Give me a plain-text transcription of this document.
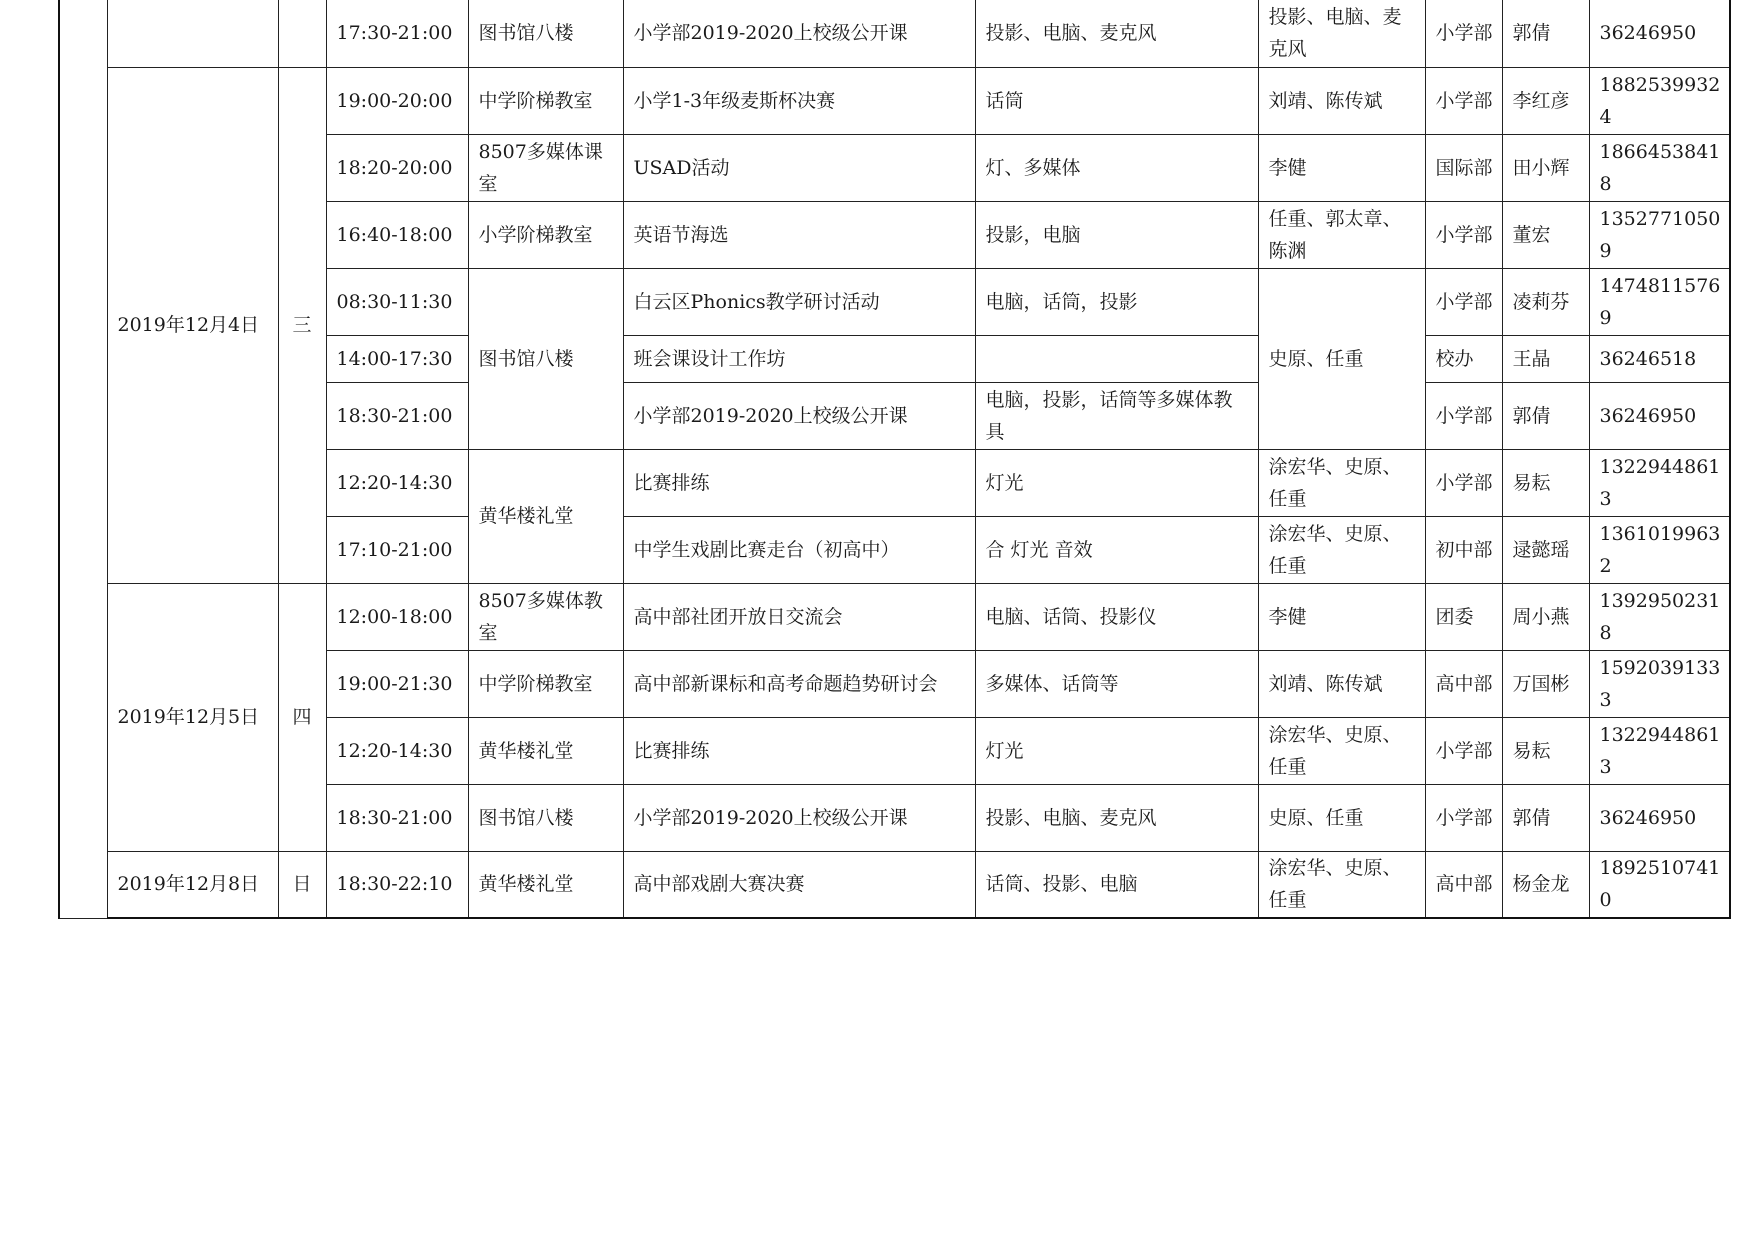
			17:30-21:00	图书馆八楼	小学部2019-2020上校级公开课	投影、电脑、麦克风	投影、电脑、麦克风	小学部	郭倩	36246950
	2019年12月4日	三	19:00-20:00	中学阶梯教室	小学1-3年级麦斯杯决赛	话筒	刘靖、陈传斌	小学部	李红彦	18825399324
			18:20-20:00	8507多媒体课室	USAD活动	灯、多媒体	李健	国际部	田小辉	18664538418
			16:40-18:00	小学阶梯教室	英语节海选	投影，电脑	任重、郭太章、陈渊	小学部	董宏	13527710509
			08:30-11:30	图书馆八楼	白云区Phonics教学研讨活动	电脑，话筒，投影	史原、任重	小学部	凌莉芬	14748115769
			14:00-17:30		班会课设计工作坊			校办	王晶	36246518
			18:30-21:00		小学部2019-2020上校级公开课	电脑，投影，话筒等多媒体教具		小学部	郭倩	36246950
			12:20-14:30	黄华楼礼堂	比赛排练	灯光	涂宏华、史原、任重	小学部	易耘	13229448613
			17:10-21:00		中学生戏剧比赛走台（初高中）	合 灯光 音效	涂宏华、史原、任重	初中部	逯懿瑶	13610199632
	2019年12月5日	四	12:00-18:00	8507多媒体教室	高中部社团开放日交流会	电脑、话筒、投影仪	李健	团委	周小燕	13929502318
			19:00-21:30	中学阶梯教室	高中部新课标和高考命题趋势研讨会	多媒体、话筒等	刘靖、陈传斌	高中部	万国彬	15920391333
			12:20-14:30	黄华楼礼堂	比赛排练	灯光	涂宏华、史原、任重	小学部	易耘	13229448613
			18:30-21:00	图书馆八楼	小学部2019-2020上校级公开课	投影、电脑、麦克风	史原、任重	小学部	郭倩	36246950
	2019年12月8日	日	18:30-22:10	黄华楼礼堂	高中部戏剧大赛决赛	话筒、投影、电脑	涂宏华、史原、任重	高中部	杨金龙	18925107410
